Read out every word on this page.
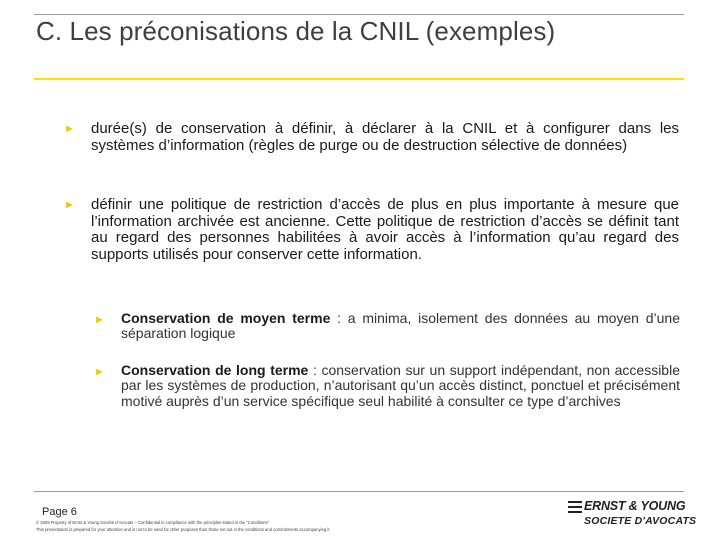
C. Les préconisations de la CNIL (exemples)
► durée(s) de conservation à définir, à déclarer à la CNIL et à configurer dans les systèmes d’information (règles de purge ou de destruction sélective de données)
► définir une politique de restriction d’accès de plus en plus importante à mesure que l’information archivée est ancienne. Cette politique de restriction d’accès se définit tant au regard des personnes habilitées à avoir accès à l’information qu’au regard des supports utilisés pour conserver cette information.
► Conservation de moyen terme : a minima, isolement des données au moyen d’une séparation logique
► Conservation de long terme : conservation sur un support indépendant, non accessible par les systèmes de production, n’autorisant qu’un accès distinct, ponctuel et précisément motivé auprès d’un service spécifique seul habilité à consulter ce type d’archives
Page 6
© 2009 Property of Ernst & Young Société d’Avocats – Confidential in compliance with the principles stated in the “Conditions”
This presentation is prepared for your attention and is not to be used for other purposes than those set out in the conditions and commitments accompanying it
ERNST & YOUNG
SOCIETE D'AVOCATS
